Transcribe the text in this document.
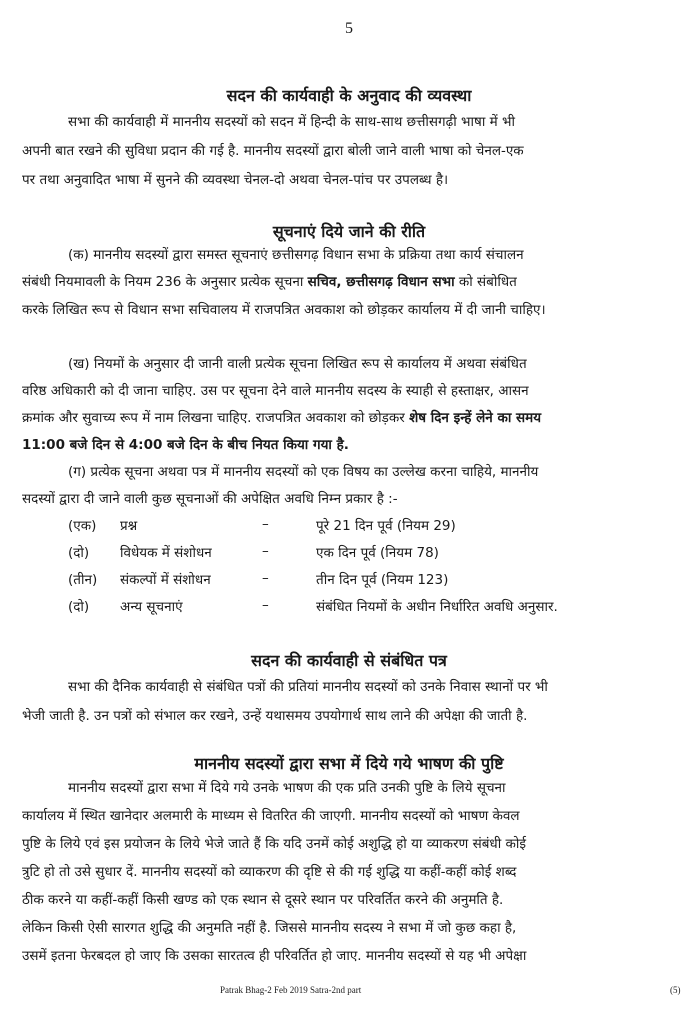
5
सदन की कार्यवाही के अनुवाद की व्यवस्था
सभा की कार्यवाही में माननीय सदस्यों को सदन में हिन्दी के साथ-साथ छत्तीसगढ़ी भाषा में भी
अपनी बात रखने की सुविधा प्रदान की गई है. माननीय सदस्यों द्वारा बोली जाने वाली भाषा को चेनल-एक
पर तथा अनुवादित भाषा में सुनने की व्यवस्था चेनल-दो अथवा चेनल-पांच पर उपलब्ध है।
सूचनाएं दिये जाने की रीति
(क) माननीय सदस्यों द्वारा समस्त सूचनाएं छत्तीसगढ़ विधान सभा के प्रक्रिया तथा कार्य संचालन
संबंधी नियमावली के नियम 236 के अनुसार प्रत्येक सूचना सचिव, छत्तीसगढ़ विधान सभा को संबोधित
करके लिखित रूप से विधान सभा सचिवालय में राजपत्रित अवकाश को छोड़कर कार्यालय में दी जानी चाहिए।
(ख) नियमों के अनुसार दी जानी वाली प्रत्येक सूचना लिखित रूप से कार्यालय में अथवा संबंधित
वरिष्ठ अधिकारी को दी जाना चाहिए. उस पर सूचना देने वाले माननीय सदस्य के स्याही से हस्ताक्षर, आसन
क्रमांक और सुवाच्य रूप में नाम लिखना चाहिए. राजपत्रित अवकाश को छोड़कर शेष दिन इन्हें लेने का समय
11:00 बजे दिन से 4:00 बजे दिन के बीच नियत किया गया है.
(ग) प्रत्येक सूचना अथवा पत्र में माननीय सदस्यों को एक विषय का उल्लेख करना चाहिये, माननीय
सदस्यों द्वारा दी जाने वाली कुछ सूचनाओं की अपेक्षित अवधि निम्न प्रकार है :-
(एक) प्रश्न	–	पूरे 21 दिन पूर्व (नियम 29)
(दो) विधेयक में संशोधन	–	एक दिन पूर्व (नियम 78)
(तीन) संकल्पों में संशोधन	–	तीन दिन पूर्व (नियम 123)
(दो) अन्य सूचनाएं	–	संबंधित नियमों के अधीन निर्धारित अवधि अनुसार.
सदन की कार्यवाही से संबंधित पत्र
सभा की दैनिक कार्यवाही से संबंधित पत्रों की प्रतियां माननीय सदस्यों को उनके निवास स्थानों पर भी
भेजी जाती है. उन पत्रों को संभाल कर रखने, उन्हें यथासमय उपयोगार्थ साथ लाने की अपेक्षा की जाती है.
माननीय सदस्यों द्वारा सभा में दिये गये भाषण की पुष्टि
माननीय सदस्यों द्वारा सभा में दिये गये उनके भाषण की एक प्रति उनकी पुष्टि के लिये सूचना
कार्यालय में स्थित खानेदार अलमारी के माध्यम से वितरित की जाएगी. माननीय सदस्यों को भाषण केवल
पुष्टि के लिये एवं इस प्रयोजन के लिये भेजे जाते हैं कि यदि उनमें कोई अशुद्धि हो या व्याकरण संबंधी कोई
त्रुटि हो तो उसे सुधार दें. माननीय सदस्यों को व्याकरण की दृष्टि से की गई शुद्धि या कहीं-कहीं कोई शब्द
ठीक करने या कहीं-कहीं किसी खण्ड को एक स्थान से दूसरे स्थान पर परिवर्तित करने की अनुमति है.
लेकिन किसी ऐसी सारगत शुद्धि की अनुमति नहीं है. जिससे माननीय सदस्य ने सभा में जो कुछ कहा है,
उसमें इतना फेरबदल हो जाए कि उसका सारतत्व ही परिवर्तित हो जाए. माननीय सदस्यों से यह भी अपेक्षा
Patrak Bhag-2 Feb 2019 Satra-2nd part	(5)
